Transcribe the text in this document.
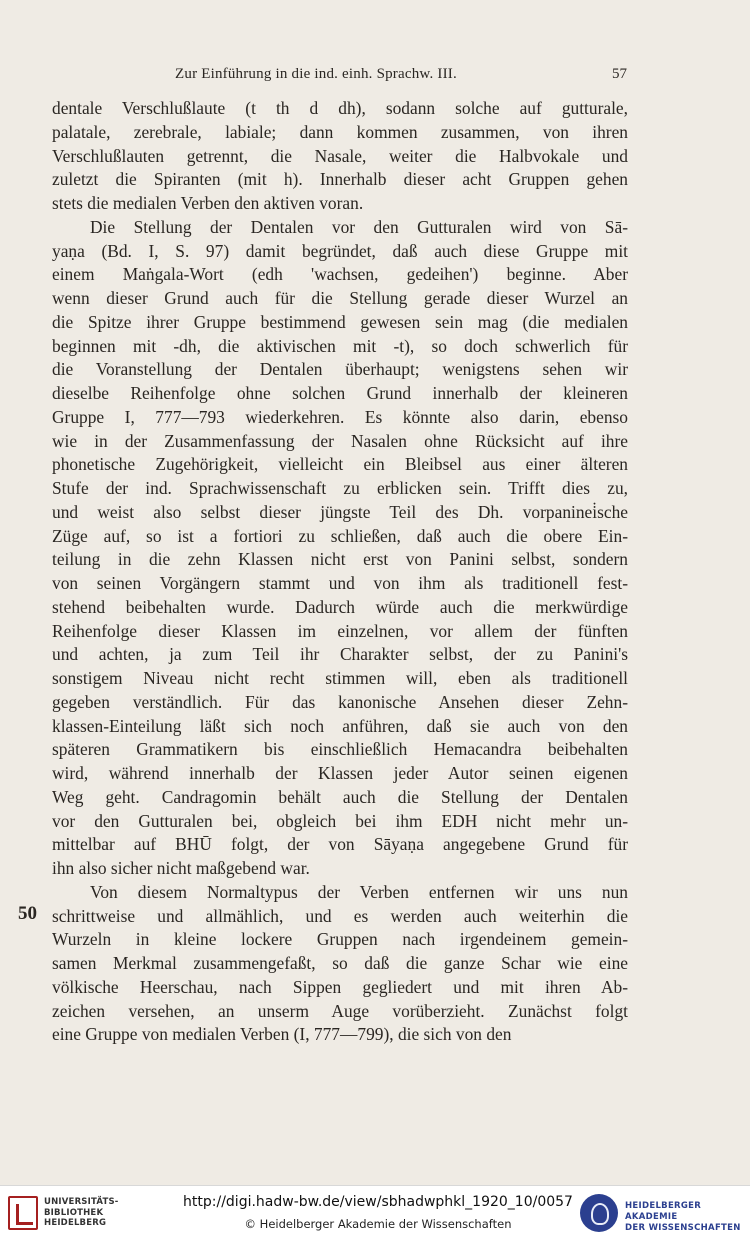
Zur Einführung in die ind. einh. Sprachw. III.	57
dentale Verschlußlaute (t th d dh), sodann solche auf gutturale,
palatale, zerebrale, labiale; dann kommen zusammen, von ihren
Verschlußlauten getrennt, die Nasale, weiter die Halbvokale und
zuletzt die Spiranten (mit h). Innerhalb dieser acht Gruppen gehen
stets die medialen Verben den aktiven voran.
Die Stellung der Dentalen vor den Gutturalen wird von Sā-
yaṇa (Bd. I, S. 97) damit begründet, daß auch diese Gruppe mit
einem Maṅgala-Wort (edh 'wachsen, gedeihen') beginne. Aber
wenn dieser Grund auch für die Stellung gerade dieser Wurzel an
die Spitze ihrer Gruppe bestimmend gewesen sein mag (die medialen
beginnen mit -dh, die aktivischen mit -t), so doch schwerlich für
die Voranstellung der Dentalen überhaupt; wenigstens sehen wir
dieselbe Reihenfolge ohne solchen Grund innerhalb der kleineren
Gruppe I, 777—793 wiederkehren. Es könnte also darin, ebenso
wie in der Zusammenfassung der Nasalen ohne Rücksicht auf ihre
phonetische Zugehörigkeit, vielleicht ein Bleibsel aus einer älteren
Stufe der ind. Sprachwissenschaft zu erblicken sein. Trifft dies zu,
und weist also selbst dieser jüngste Teil des Dh. vorpaninei̇sche
Züge auf, so ist a fortiori zu schließen, daß auch die obere Ein-
teilung in die zehn Klassen nicht erst von Panini selbst, sondern
von seinen Vorgängern stammt und von ihm als traditionell fest-
stehend beibehalten wurde. Dadurch würde auch die merkwürdige
Reihenfolge dieser Klassen im einzelnen, vor allem der fünften
und achten, ja zum Teil ihr Charakter selbst, der zu Panini's
sonstigem Niveau nicht recht stimmen will, eben als traditionell
gegeben verständlich. Für das kanonische Ansehen dieser Zehn-
klassen-Einteilung läßt sich noch anführen, daß sie auch von den
späteren Grammatikern bis einschließlich Hemacandra beibehalten
wird, während innerhalb der Klassen jeder Autor seinen eigenen
Weg geht. Candragomin behält auch die Stellung der Dentalen
vor den Gutturalen bei, obgleich bei ihm EDH nicht mehr un-
mittelbar auf BHŪ folgt, der von Sāyaṇa angegebene Grund für
ihn also sicher nicht maßgebend war.
Von diesem Normaltypus der Verben entfernen wir uns nun
schrittweise und allmählich, und es werden auch weiterhin die
Wurzeln in kleine lockere Gruppen nach irgendeinem gemein-
samen Merkmal zusammengefaßt, so daß die ganze Schar wie eine
völkische Heerschau, nach Sippen gegliedert und mit ihren Ab-
zeichen versehen, an unserm Auge vorüberzieht. Zunächst folgt
eine Gruppe von medialen Verben (I, 777—799), die sich von den
50
UNIVERSITÄTS-
BIBLIOTHEK
HEIDELBERG
http://digi.hadw-bw.de/view/sbhadwphkl_1920_10/0057
© Heidelberger Akademie der Wissenschaften
HEIDELBERGER AKADEMIE
DER WISSENSCHAFTEN
